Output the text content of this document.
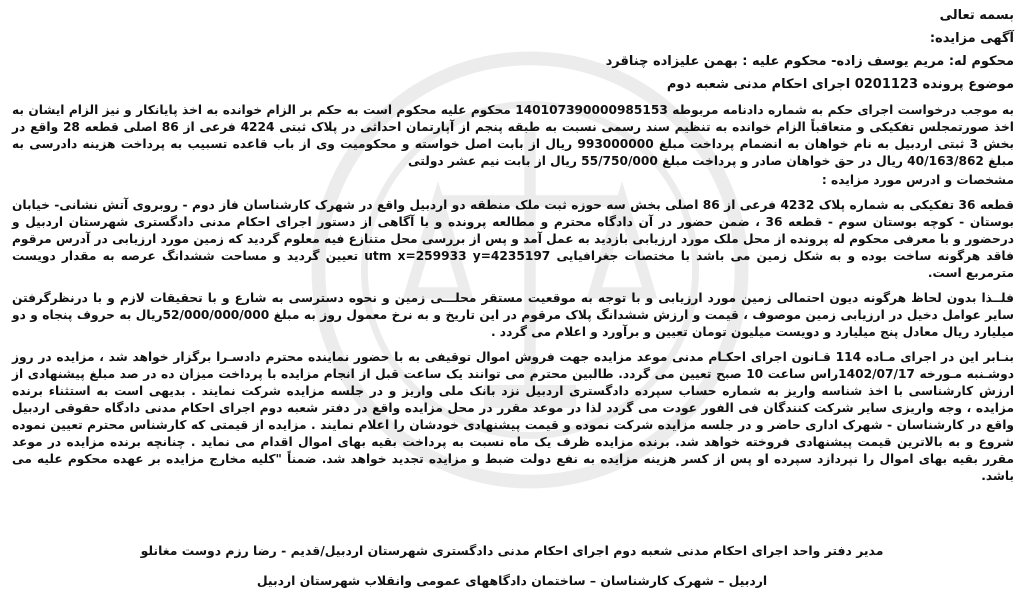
بسمه تعالی

آگهی مزایده:

محکوم له: مریم یوسف زاده- محکوم علیه : بهمن علیزاده چناقرد

موضوع پرونده 0201123 اجرای احکام مدنی شعبه دوم

به موجب درخواست اجرای حکم به شماره دادنامه مربوطه 140107390000985153 محکوم علیه محکوم است به حکم بر الزام خوانده به اخذ پایانکار و نیز الزام ایشان به اخذ صورتمجلس تفکیکی و متعاقباً الزام خوانده به تنظیم سند رسمی نسبت به طبقه پنجم از آپارتمان احداثی در پلاک ثبتی 4224 فرعی از 86 اصلی قطعه 28 واقع در بخش 3 ثبتی اردبیل به نام خواهان به انضمام پرداخت مبلغ 993000000 ریال از بابت اصل خواسته و محکومیت وی از باب قاعده تسبیب به پرداخت هزینه دادرسی به مبلغ 40/163/862 ریال در حق خواهان صادر و پرداخت مبلغ 55/750/000 ریال از بابت نیم عشر دولتی

مشخصات و ادرس مورد مزایده :

قطعه 36 تفکیکی به شماره پلاک 4232 فرعی از 86 اصلی بخش سه حوزه ثبت ملک منطقه دو اردبیل واقع در شهرک کارشناسان فاز دوم - روبروی آتش نشانی- خیابان بوستان - کوچه بوستان سوم - قطعه 36 ، ضمن حضور در آن دادگاه محترم و مطالعه پرونده و با آگاهی از دستور اجرای احکام مدنی دادگستری شهرستان اردبیل و درحضور و با معرفی محکوم له پرونده از محل ملک مورد ارزیابی بازدید به عمل آمد و پس از بررسی محل متنازع فیه معلوم گردید که زمین مورد ارزیابی در آدرس مرقوم فاقد هرگونه ساخت بوده و به شکل زمین می باشد با مختصات جغرافیایی utm x=259933 y=4235197 تعیین گردید و مساحت ششدانگ عرصه به مقدار دویست مترمربع است.

فلــذا بدون لحاظ هرگونه دیون احتمالی زمین مورد ارزیابی و با توجه به موقعیت مستقر محلـــی زمین و نحوه دسترسی به شارع و با تحقیقات لازم و با درنظرگرفتن سایر عوامل دخیل در ارزیابی زمین موصوف ، قیمت و ارزش ششدانگ پلاک مرقوم در این تاریخ و به نرخ معمول روز به مبلغ 52/000/000/000ریال به حروف پنجاه و دو میلیارد ریال معادل پنج میلیارد و دویست میلیون تومان تعیین و برآورد و اعلام می گردد .

بنـابر این در اجرای مـاده 114 قـانون اجرای احکـام مدنی موعد مزایده جهت فروش اموال توقیفی به با حضور نماینده محترم دادسـرا برگزار خواهد شد ، مزایده در روز دوشـنبه مـورخه 1402/07/17راس ساعت 10 صبح تعیین می گردد. طالبین محترم می توانند یک ساعت قبل از انجام مزایده با پرداخت میزان ده در صد مبلغ پیشنهادی از ارزش کارشناسی با اخذ شناسه واریز به شماره حساب سپرده دادگستری اردبیل نزد بانک ملی واریز و در جلسه مزایده شرکت نمایند . بدیهی است به استثناء برنده مزایده ، وجه واریزی سایر شرکت کنندگان فی الفور عودت می گردد لذا در موعد مقرر در محل مزایده واقع در دفتر شعبه دوم اجرای احکام مدنی دادگاه حقوقی اردبیل واقع در کارشناسان - شهرک اداری حاضر و در جلسه مزایده شرکت نموده و قیمت پیشنهادی خودشان را اعلام نمایند . مزایده از قیمتی که کارشناس محترم تعیین نموده شروع و به بالاترین قیمت پیشنهادی فروخته خواهد شد. برنده مزایده ظرف یک ماه نسبت به پرداخت بقیه بهای اموال اقدام می نماید . چنانچه برنده مزایده در موعد مقرر بقیه بهای اموال را نپردازد سپرده او پس از کسر هزینه مزایده به نفع دولت ضبط و مزایده تجدید خواهد شد. ضمناً "کلیه مخارج مزایده بر عهده محکوم علیه می باشد.

مدیر دفتر واحد اجرای احکام مدنی شعبه دوم اجرای احکام مدنی دادگستری شهرستان اردبیل/قدیم - رضا رزم دوست مغانلو
اردبیل – شهرک کارشناسان – ساختمان دادگاههای عمومی وانقلاب شهرستان اردبیل
